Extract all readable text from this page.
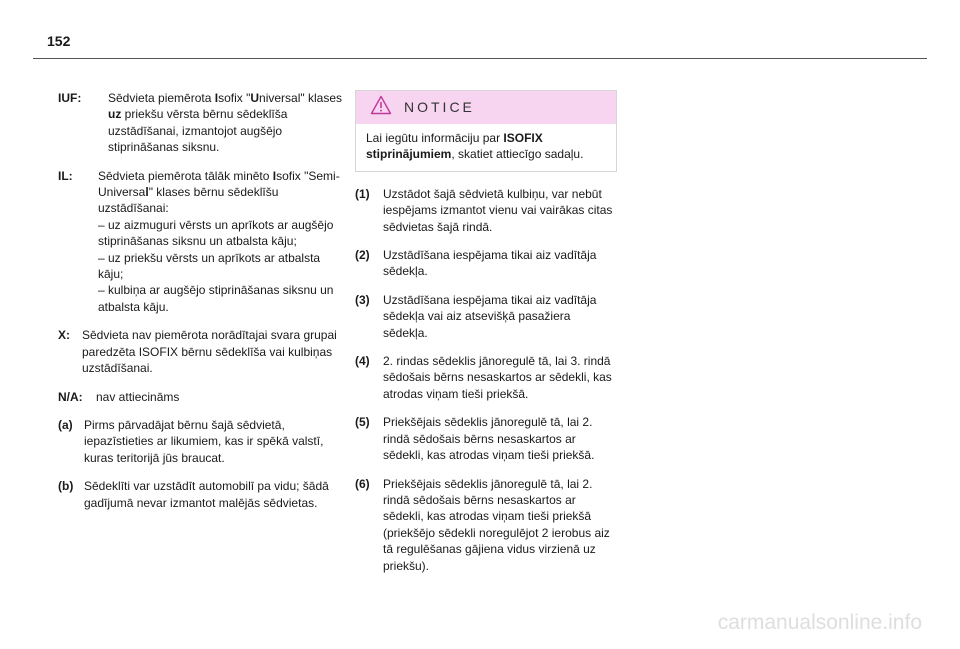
152
IUF:	Sēdvieta piemērota Isofix "Universal" klases uz priekšu vērsta bērnu sēdeklīša uzstādīšanai, izmantojot augšējo stiprināšanas siksnu.
IL:	Sēdvieta piemērota tālāk minēto Isofix "Semi-Universal" klases bērnu sēdeklīšu uzstādīšanai:
– uz aizmuguri vērsts un aprīkots ar augšējo stiprināšanas siksnu un atbalsta kāju;
– uz priekšu vērsts un aprīkots ar atbalsta kāju;
– kulbiņa ar augšējo stiprināšanas siksnu un atbalsta kāju.
X:	Sēdvieta nav piemērota norādītajai svara grupai paredzēta ISOFIX bērnu sēdeklīša vai kulbiņas uzstādīšanai.
N/A:	nav attiecināms
(a) Pirms pārvadājat bērnu šajā sēdvietā, iepazīstieties ar likumiem, kas ir spēkā valstī, kuras teritorijā jūs braucat.
(b) Sēdeklīti var uzstādīt automobilī pa vidu; šādā gadījumā nevar izmantot malējās sēdvietas.
NOTICE
Lai iegūtu informāciju par ISOFIX stiprinājumiem, skatiet attiecīgo sadaļu.
(1)	Uzstādot šajā sēdvietā kulbiņu, var nebūt iespējams izmantot vienu vai vairākas citas sēdvietas šajā rindā.
(2)	Uzstādīšana iespējama tikai aiz vadītāja sēdekļa.
(3)	Uzstādīšana iespējama tikai aiz vadītāja sēdekļa vai aiz atsevišķā pasažiera sēdekļa.
(4)	2. rindas sēdeklis jānoregulē tā, lai 3. rindā sēdošais bērns nesaskartos ar sēdekli, kas atrodas viņam tieši priekšā.
(5)	Priekšējais sēdeklis jānoregulē tā, lai 2. rindā sēdošais bērns nesaskartos ar sēdekli, kas atrodas viņam tieši priekšā.
(6)	Priekšējais sēdeklis jānoregulē tā, lai 2. rindā sēdošais bērns nesaskartos ar sēdekli, kas atrodas viņam tieši priekšā (priekšējo sēdekli noregulējot 2 ierobus aiz tā regulēšanas gājiena vidus virzienā uz priekšu).
carmanualsonline.info
